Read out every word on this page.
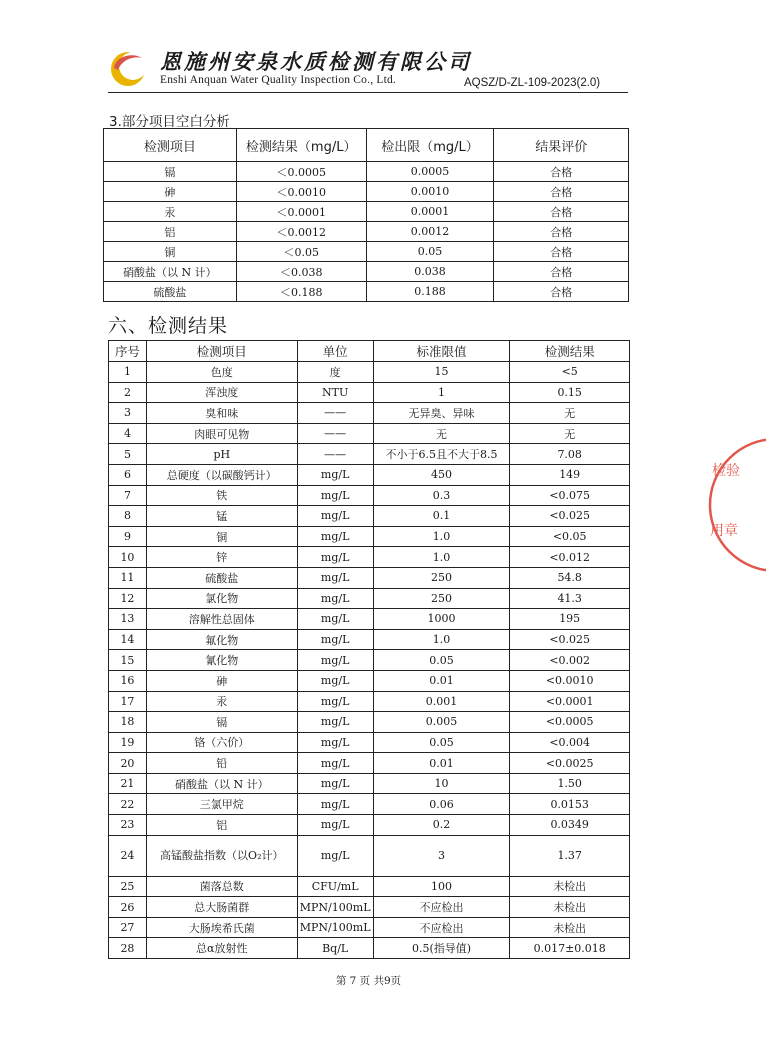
恩施州安泉水质检测有限公司
Enshi Anquan Water Quality Inspection Co., Ltd.	AQSZ/D-ZL-109-2023(2.0)
3.部分项目空白分析
检测项目	检测结果（mg/L）	检出限（mg/L）	结果评价
镉	＜0.0005	0.0005	合格
砷	＜0.0010	0.0010	合格
汞	＜0.0001	0.0001	合格
铝	＜0.0012	0.0012	合格
铜	＜0.05	0.05	合格
硝酸盐（以 N 计）	＜0.038	0.038	合格
硫酸盐	＜0.188	0.188	合格
六、检测结果
序号	检测项目	单位	标准限值	检测结果
1	色度	度	15	<5
2	浑浊度	NTU	1	0.15
3	臭和味	——	无异臭、异味	无
4	肉眼可见物	——	无	无
5	pH	——	不小于6.5且不大于8.5	7.08
6	总硬度（以碳酸钙计）	mg/L	450	149
7	铁	mg/L	0.3	<0.075
8	锰	mg/L	0.1	<0.025
9	铜	mg/L	1.0	<0.05
10	锌	mg/L	1.0	<0.012
11	硫酸盐	mg/L	250	54.8
12	氯化物	mg/L	250	41.3
13	溶解性总固体	mg/L	1000	195
14	氟化物	mg/L	1.0	<0.025
15	氰化物	mg/L	0.05	<0.002
16	砷	mg/L	0.01	<0.0010
17	汞	mg/L	0.001	<0.0001
18	镉	mg/L	0.005	<0.0005
19	铬（六价）	mg/L	0.05	<0.004
20	铅	mg/L	0.01	<0.0025
21	硝酸盐（以 N 计）	mg/L	10	1.50
22	三氯甲烷	mg/L	0.06	0.0153
23	铝	mg/L	0.2	0.0349
24	高锰酸盐指数（以O₂计）	mg/L	3	1.37
25	菌落总数	CFU/mL	100	未检出
26	总大肠菌群	MPN/100mL	不应检出	未检出
27	大肠埃希氏菌	MPN/100mL	不应检出	未检出
28	总α放射性	Bq/L	0.5(指导值)	0.017±0.018
第 7 页 共9页
检验
用章
